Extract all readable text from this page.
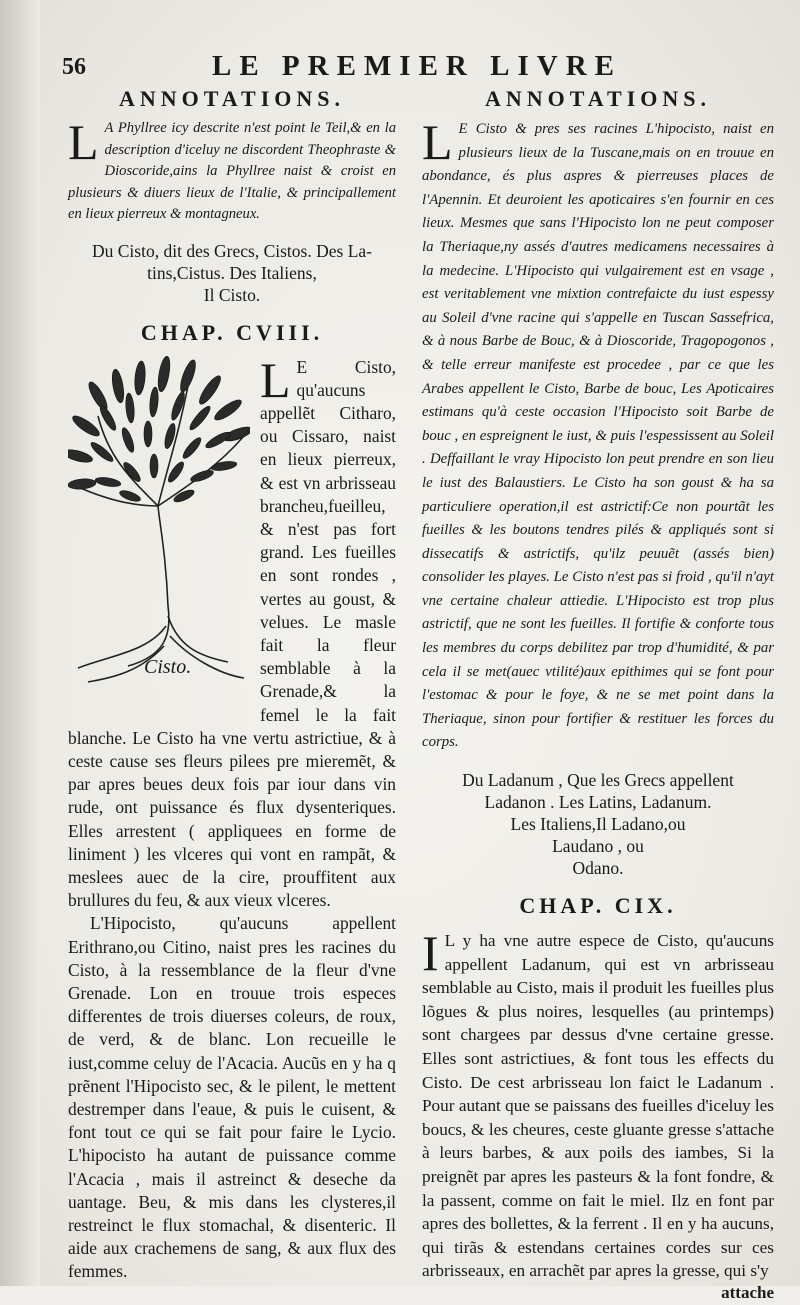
56	LE PREMIER LIVRE
ANNOTATIONS.
L A Phyllree icy descrite n'est point le Teil,& en la description d'iceluy ne discordent Theophraste & Dioscoride,ains la Phyllree naist & croist en plusieurs & diuers lieux de l'Italie, & principallement en lieux pierreux & montagneux.
Du Cisto, dit des Grecs, Cistos. Des La-
tins,Cistus. Des Italiens,
Il Cisto.
CHAP. CVIII.
Cisto.

L E Cisto, qu'aucuns appellẽt Citharo, ou Cissaro, naist en lieux pierreux, & est vn arbrisseau brancheu,fueilleu, & n'est pas fort grand. Les fueilles en sont rondes , vertes au goust, & velues. Le masle fait la fleur semblable à la Grenade,& la femel le la fait blanche. Le Cisto ha vne vertu astrictiue, & à ceste cause ses fleurs pilees pre mieremẽt, & par apres beues deux fois par iour dans vin rude, ont puissance és flux dysenteriques. Elles arrestent ( appliquees en forme de liniment ) les vlceres qui vont en rampãt, & meslees auec de la cire, prouffitent aux brullures du feu, & aux vieux vlceres.

L'Hipocisto, qu'aucuns appellent Erithrano,ou Citino, naist pres les racines du Cisto, à la ressemblance de la fleur d'vne Grenade. Lon en trouue trois especes differentes de trois diuerses coleurs, de roux, de verd, & de blanc. Lon recueille le iust,comme celuy de l'Acacia. Aucũs en y ha q prẽnent l'Hipocisto sec, & le pilent, le mettent destremper dans l'eaue, & puis le cuisent, & font tout ce qui se fait pour faire le Lycio. L'hipocisto ha autant de puissance comme l'Acacia , mais il astreinct & deseche da uantage. Beu, & mis dans les clysteres,il restreinct le flux stomachal, & disenteric. Il aide aux crachemens de sang, & aux flux des femmes.

ANNOTATIONS.
L E Cisto & pres ses racines L'hipocisto, naist en plusieurs lieux de la Tuscane,mais on en trouue en abondance, és plus aspres & pierreuses places de l'Apennin. Et deuroient les apoticaires s'en fournir en ces lieux. Mesmes que sans l'Hipocisto lon ne peut composer la Theriaque,ny assés d'autres medicamens necessaires à la medecine. L'Hipocisto qui vulgairement est en vsage , est veritablement vne mixtion contrefaicte du iust espessy au Soleil d'vne racine qui s'appelle en Tuscan Sassefrica, & à nous Barbe de Bouc, & à Dioscoride, Tragopogonos , & telle erreur manifeste est procedee , par ce que les Arabes appellent le Cisto, Barbe de bouc, Les Apoticaires estimans qu'à ceste occasion l'Hipocisto soit Barbe de bouc , en espreignent le iust, & puis l'espessissent au Soleil . Deffaillant le vray Hipocisto lon peut prendre en son lieu le iust des Balaustiers. Le Cisto ha son goust & ha sa particuliere operation,il est astrictif:Ce non pourtãt les fueilles & les boutons tendres pilés & appliqués sont si dissecatifs & astrictifs, qu'ilz peuuẽt (assés bien) consolider les playes. Le Cisto n'est pas si froid , qu'il n'ayt vne certaine chaleur attiedie. L'Hipocisto est trop plus astrictif, que ne sont les fueilles. Il fortifie & conforte tous les membres du corps debilitez par trop d'humidité, & par cela il se met(auec vtilité)aux epithimes qui se font pour l'estomac & pour le foye, & ne se met point dans la Theriaque, sinon pour fortifier & restituer les forces du corps.
Du Ladanum , Que les Grecs appellent
Ladanon . Les Latins, Ladanum.
Les Italiens,Il Ladano,ou
Laudano , ou
Odano.
CHAP. CIX.

I L y ha vne autre espece de Cisto, qu'aucuns appellent Ladanum, qui est vn arbrisseau semblable au Cisto, mais il produit les fueilles plus lõgues & plus noires, lesquelles (au printemps) sont chargees par dessus d'vne certaine gresse. Elles sont astrictiues, & font tous les effects du Cisto. De cest arbrisseau lon faict le Ladanum . Pour autant que se paissans des fueilles d'iceluy les boucs, & les cheures, ceste gluante gresse s'attache à leurs barbes, & aux poils des iambes, Si la preignẽt par apres les pasteurs & la font fondre, & la passent, comme on fait le miel. Ilz en font par apres des bollettes, & la ferrent . Il en y ha aucuns, qui tirãs & estendans certaines cordes sur ces arbrisseaux, en arrachẽt par apres la gresse, qui s'y

attache
